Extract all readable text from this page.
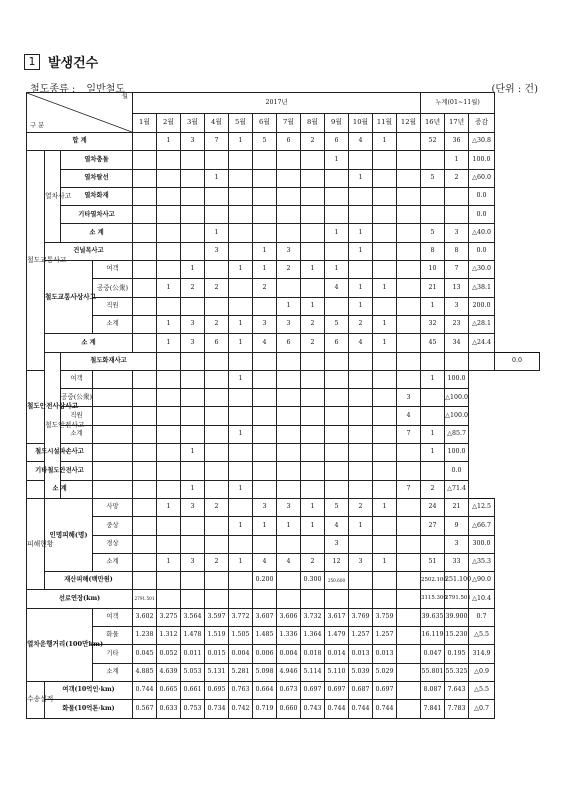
1 발생건수
철도종류 : 일반철도	(단위 : 건)
월
구 분				2017년												누계(01~11월)			
				1월	2월	3월	4월	5월	6월	7월	8월	9월	10월	11월	12월	16년	17년	증감	
합 계					1	3	7	1	5	6	2	6	4	1		52	36	△30.8	
철도교통사고	열차사고	열차충돌										1					1	100.0	
		열차탈선					1						1			5	2	△60.0	
		열차화재																0.0	
		기타열차사고																0.0	
		소 계					1					1	1			5	3	△40.0	
	건널목사고						3		1	3			1			8	8	0.0	
	철도교통사상사고		여객			1		1	1	2	1	1				10	7	△30.0	
			공중(公衆)		1	2	2		2			4	1	1		21	13	△38.1	
			직원							1	1		1			1	3	200.0	
			소계		1	3	2	1	3	3	2	5	2	1		32	23	△28.1	
	소 계				1	3	6	1	4	6	2	6	4	1		45	34	△24.4	
	철도안전사고	철도화재사고																	0.0
철도안전사상사고		여객						1								1	100.0		
		공중(公衆)													3		△100.0		
		직원													4		△100.0		
		소계						1							7	1	△85.7		
철도시설파손사고						1										1	100.0		
기타철도안전사고																	0.0		
소 계						1		1							7	2	△71.4		
피해현황	인명피해(명)		사망		1	3	2		3	3	1	5	2	1		24	21	△12.5	
			중상					1	1	1	1	4	1			27	9	△66.7	
			경상									3					3	300.0	
			소계		1	3	2	1	4	4	2	12	3	1		51	33	△35.3	
	재산피해(백만원)								0.200		0.300	250.600				2502.100	251.100	△90.0	
선로연장(km)				2791.501												3115.300	2791.501	△10.4	
열차운행거리(100만km)			여객	3.602	3.275	3.564	3.597	3.772	3.607	3.606	3.732	3.617	3.769	3.759		39.635	39.900	0.7	
			화물	1.238	1.312	1.478	1.519	1.505	1.485	1.336	1.364	1.479	1.257	1.257		16.119	15.230	△5.5	
			기타	0.045	0.052	0.011	0.015	0.004	0.006	0.004	0.018	0.014	0.013	0.013		0.047	0.195	314.9	
			소계	4.885	4.639	5.053	5.131	5.281	5.098	4.946	5.114	5.110	5.039	5.029		55.801	55.325	△0.9	
수송실적	여객(10억인·km)			0.744	0.665	0.661	0.695	0.763	0.664	0.673	0.697	0.697	0.687	0.697		8.087	7.643	△5.5	
	화물(10억톤·km)			0.567	0.633	0.753	0.734	0.742	0.719	0.660	0.743	0.744	0.744	0.744		7.841	7.783	△0.7	
